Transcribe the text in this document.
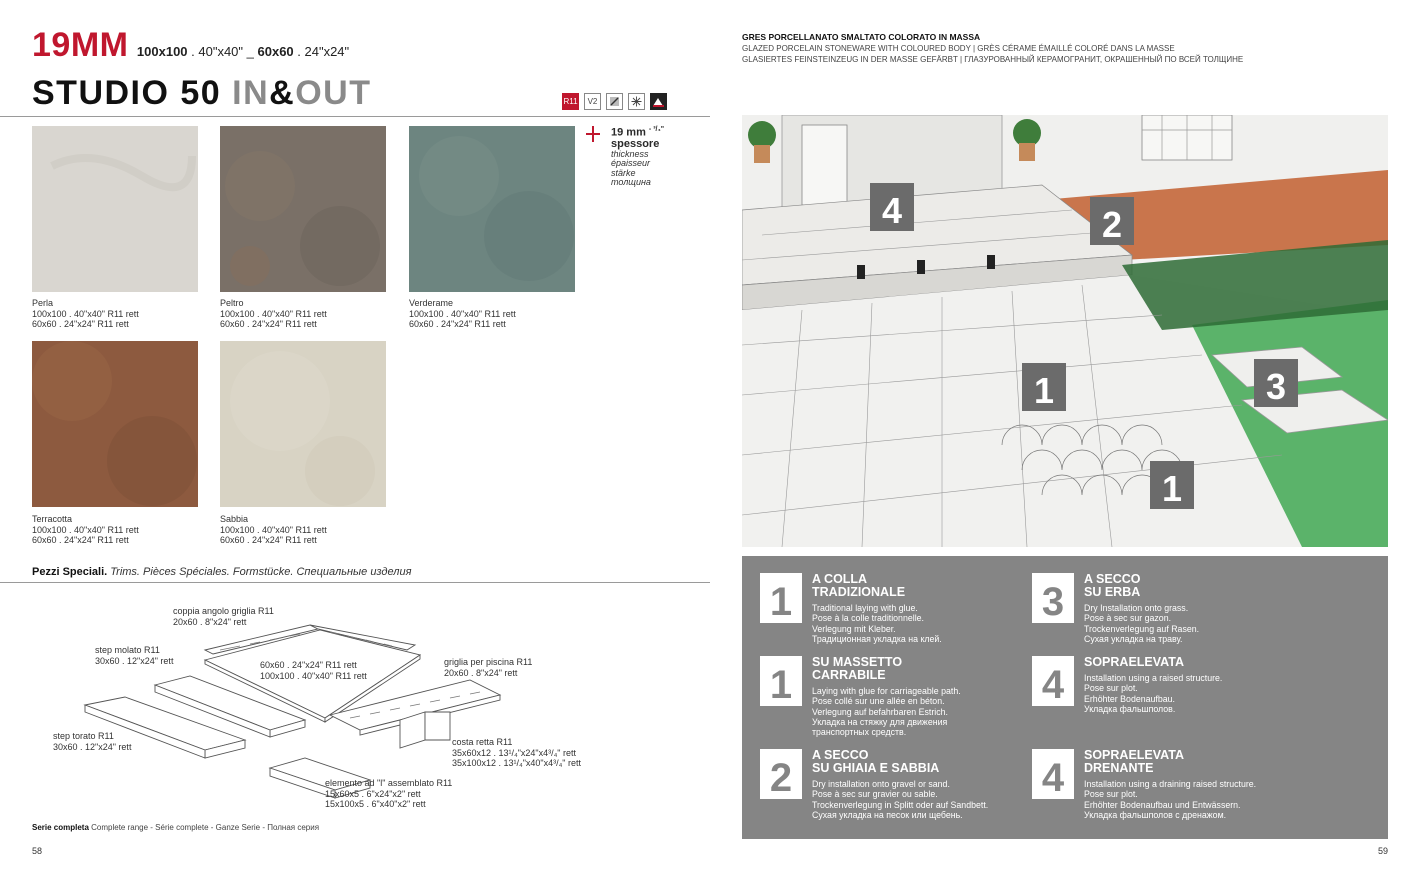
19MM 100x100 . 40"x40" _ 60x60 . 24"x24"
STUDIO 50 IN&OUT	R11	V2
Perla
100x100 . 40"x40" R11 rett
60x60 . 24"x24" R11 rett
Peltro
100x100 . 40"x40" R11 rett
60x60 . 24"x24" R11 rett
Verderame
100x100 . 40"x40" R11 rett
60x60 . 24"x24" R11 rett
Terracotta
100x100 . 40"x40" R11 rett
60x60 . 24"x24" R11 rett
Sabbia
100x100 . 40"x40" R11 rett
60x60 . 24"x24" R11 rett
19 mm $^{- ^3/_4"}$
spessore
thickness
épaisseur
stärke
толщина
Pezzi Speciali. Trims. Pièces Spéciales. Formstücke. Специальные изделия
coppia angolo griglia R11
20x60 . 8"x24" rett
step molato R11
30x60 . 12"x24" rett	60x60 . 24"x24" R11 rett
100x100 . 40"x40" R11 rett
griglia per piscina R11
20x60 . 8"x24" rett
step torato R11
30x60 . 12"x24" rett	costa retta R11
35x60x12 . 13¹/₄"x24"x4³/₄" rett
35x100x12 . 13¹/₄"x40"x4³/₄" rett
elemento ad "l" assemblato R11
15x60x5 . 6"x24"x2" rett
15x100x5 . 6"x40"x2" rett
Serie completa Complete range - Série complete - Ganze Serie - Полная серия
58
GRES PORCELLANATO SMALTATO COLORATO IN MASSA
GLAZED PORCELAIN STONEWARE WITH COLOURED BODY | GRÈS CÉRAME ÉMAILLÉ COLORÉ DANS LA MASSE
GLASIERTES FEINSTEINZEUG IN DER MASSE GEFÄRBT | ГЛАЗУРОВАННЫЙ КЕРАМОГРАНИТ, ОКРАШЕННЫЙ ПО ВСЕЙ ТОЛЩИНЕ
4	2
1	3
1
1
A COLLA
TRADIZIONALE
Traditional laying with glue.
Pose à la colle traditionnelle.
Verlegung mit Kleber.
Традиционная укладка на клей.
1
SU MASSETTO
CARRABILE
Laying with glue for carriageable path.
Pose collé sur une allée en béton.
Verlegung auf befahrbaren Estrich.
Укладка на стяжку для движения
транспортных средств.
2
A SECCO
SU GHIAIA E SABBIA
Dry installation onto gravel or sand.
Pose à sec sur gravier ou sable.
Trockenverlegung in Splitt oder auf Sandbett.
Сухая укладка на песок или щебень.
3
A SECCO
SU ERBA
Dry Installation onto grass.
Pose à sec sur gazon.
Trockenverlegung auf Rasen.
Сухая укладка на траву.
4
SOPRAELEVATA
Installation using a raised structure.
Pose sur plot.
Erhöhter Bodenaufbau.
Укладка фальшполов.
4
SOPRAELEVATA
DRENANTE
Installation using a draining raised structure.
Pose sur plot.
Erhöhter Bodenaufbau und Entwässern.
Укладка фальшполов с дренажом.
59
